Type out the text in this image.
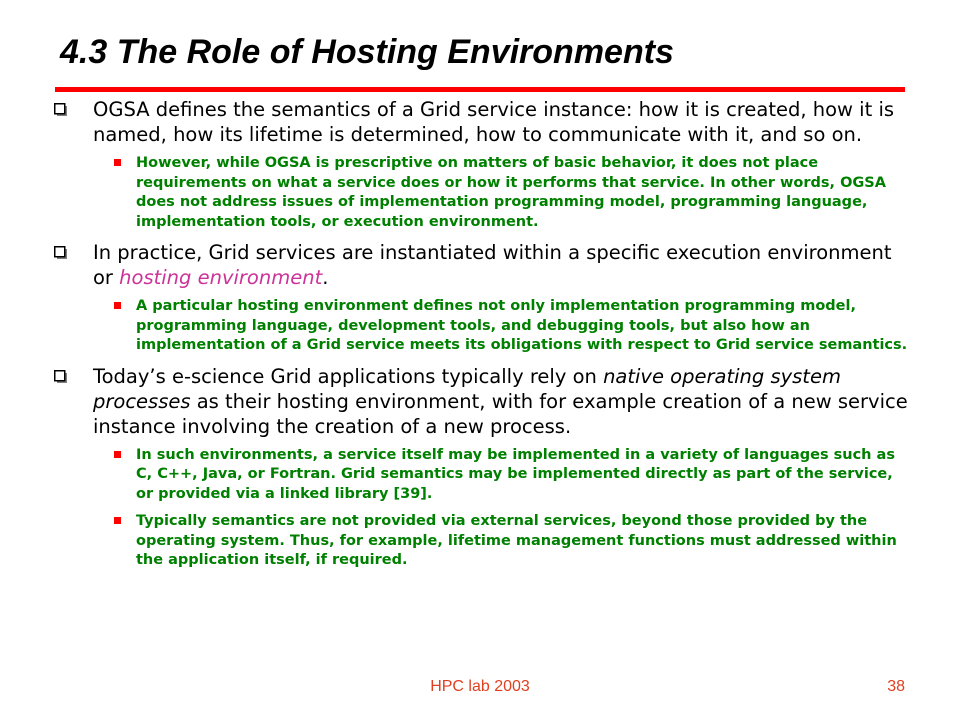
4.3 The Role of Hosting Environments
OGSA defines the semantics of a Grid service instance: how it is created, how it is named, how its lifetime is determined, how to communicate with it, and so on.
However, while OGSA is prescriptive on matters of basic behavior, it does not place requirements on what a service does or how it performs that service. In other words, OGSA does not address issues of implementation programming model, programming language, implementation tools, or execution environment.
In practice, Grid services are instantiated within a specific execution environment or hosting environment.
A particular hosting environment defines not only implementation programming model, programming language, development tools, and debugging tools, but also how an implementation of a Grid service meets its obligations with respect to Grid service semantics.
Today’s e-science Grid applications typically rely on native operating system processes as their hosting environment, with for example creation of a new service instance involving the creation of a new process.
In such environments, a service itself may be implemented in a variety of languages such as C, C++, Java, or Fortran. Grid semantics may be implemented directly as part of the service, or provided via a linked library [39].
Typically semantics are not provided via external services, beyond those provided by the operating system. Thus, for example, lifetime management functions must addressed within the application itself, if required.
HPC lab 2003	38
